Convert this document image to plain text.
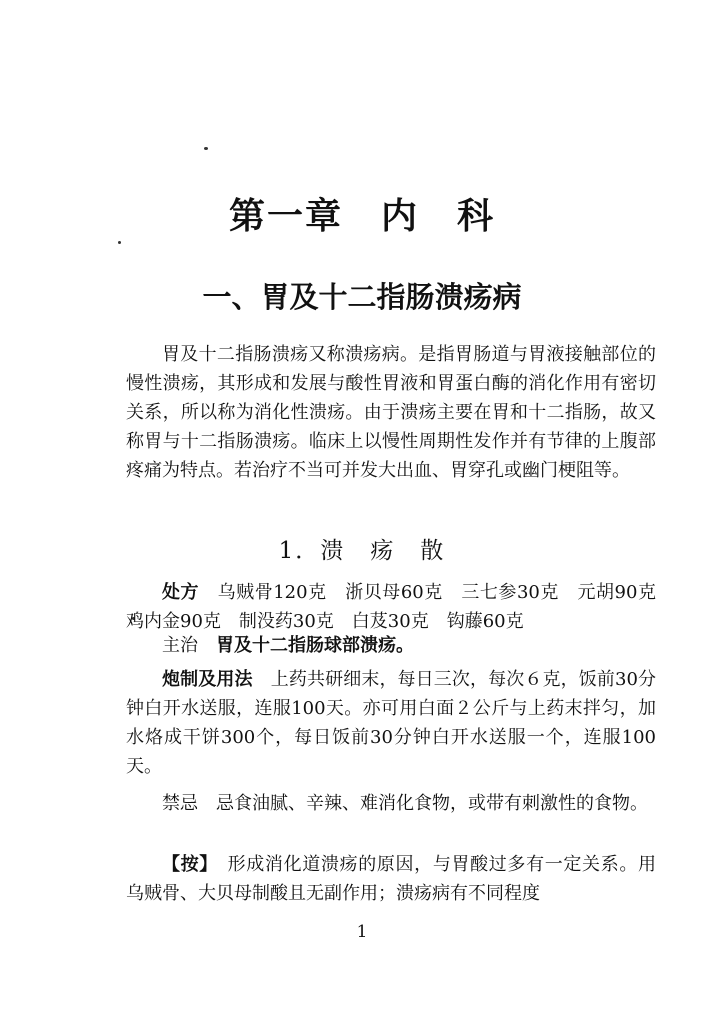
第一章　内　科
一、胃及十二指肠溃疡病

胃及十二指肠溃疡又称溃疡病。是指胃肠道与胃液接触部位的慢性溃疡，其形成和发展与酸性胃液和胃蛋白酶的消化作用有密切关系，所以称为消化性溃疡。由于溃疡主要在胃和十二指肠，故又称胃与十二指肠溃疡。临床上以慢性周期性发作并有节律的上腹部疼痛为特点。若治疗不当可并发大出血、胃穿孔或幽门梗阻等。

1．溃　疡　散

处方　乌贼骨120克　浙贝母60克　三七参30克　元胡90克　鸡内金90克　制没药30克　白芨30克　钩藤60克

主治　胃及十二指肠球部溃疡。

炮制及用法　上药共研细末，每日三次，每次６克，饭前30分钟白开水送服，连服100天。亦可用白面２公斤与上药末拌匀，加水烙成干饼300个，每日饭前30分钟白开水送服一个，连服100天。

禁忌　忌食油腻、辛辣、难消化食物，或带有刺激性的食物。

【按】　形成消化道溃疡的原因，与胃酸过多有一定关系。用乌贼骨、大贝母制酸且无副作用；溃疡病有不同程度

1
